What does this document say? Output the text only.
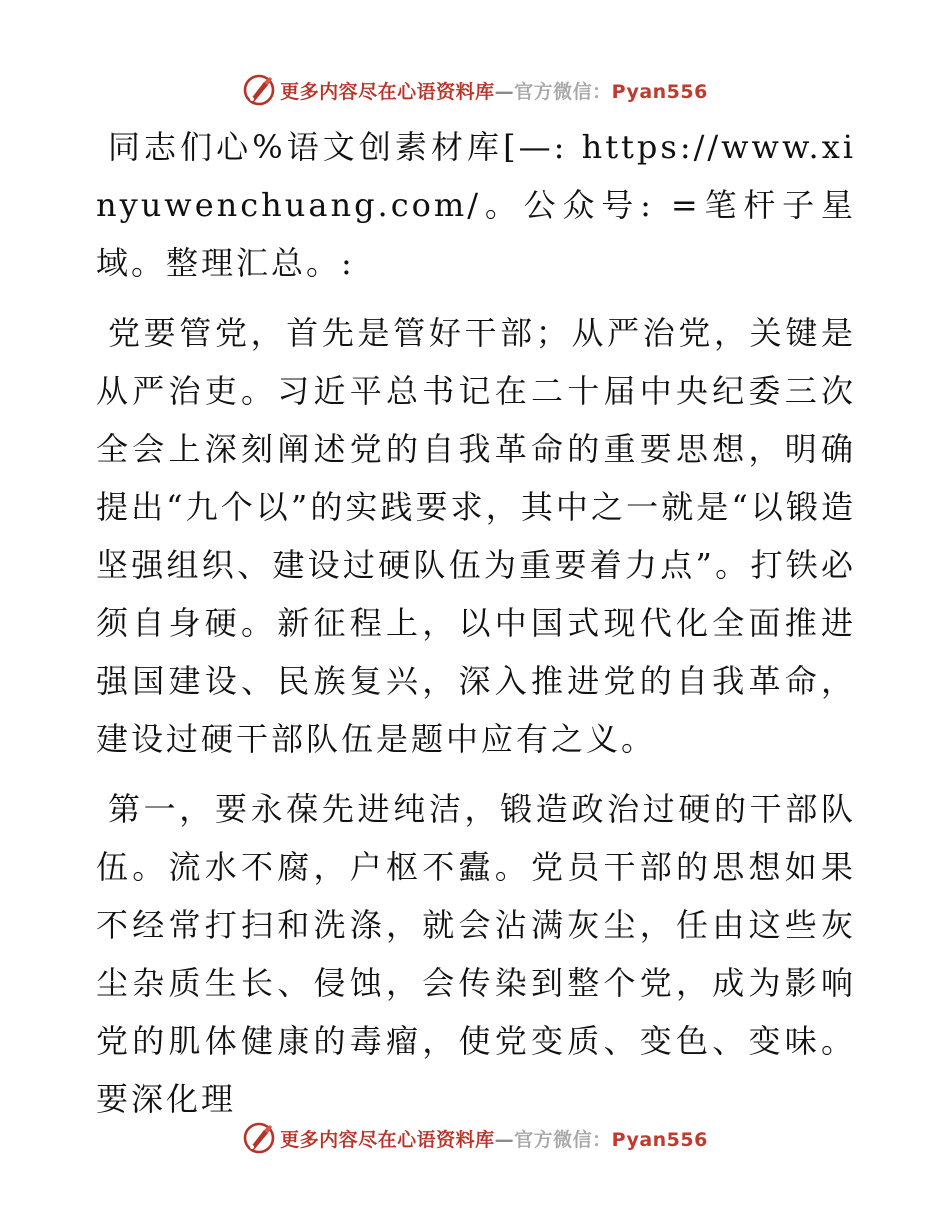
更多内容尽在心语资料库—官方微信：Pyan556

同志们心%语文创素材库[—: https://www.xinyuwenchuang.com/。公众号: =笔杆子星域。整理汇总。:

党要管党，首先是管好干部；从严治党，关键是从严治吏。习近平总书记在二十届中央纪委三次全会上深刻阐述党的自我革命的重要思想，明确提出“九个以”的实践要求，其中之一就是“以锻造坚强组织、建设过硬队伍为重要着力点”。打铁必须自身硬。新征程上，以中国式现代化全面推进强国建设、民族复兴，深入推进党的自我革命，建设过硬干部队伍是题中应有之义。

第一，要永葆先进纯洁，锻造政治过硬的干部队伍。流水不腐，户枢不蠹。党员干部的思想如果不经常打扫和洗涤，就会沾满灰尘，任由这些灰尘杂质生长、侵蚀，会传染到整个党，成为影响党的肌体健康的毒瘤，使党变质、变色、变味。要深化理

更多内容尽在心语资料库—官方微信：Pyan556
